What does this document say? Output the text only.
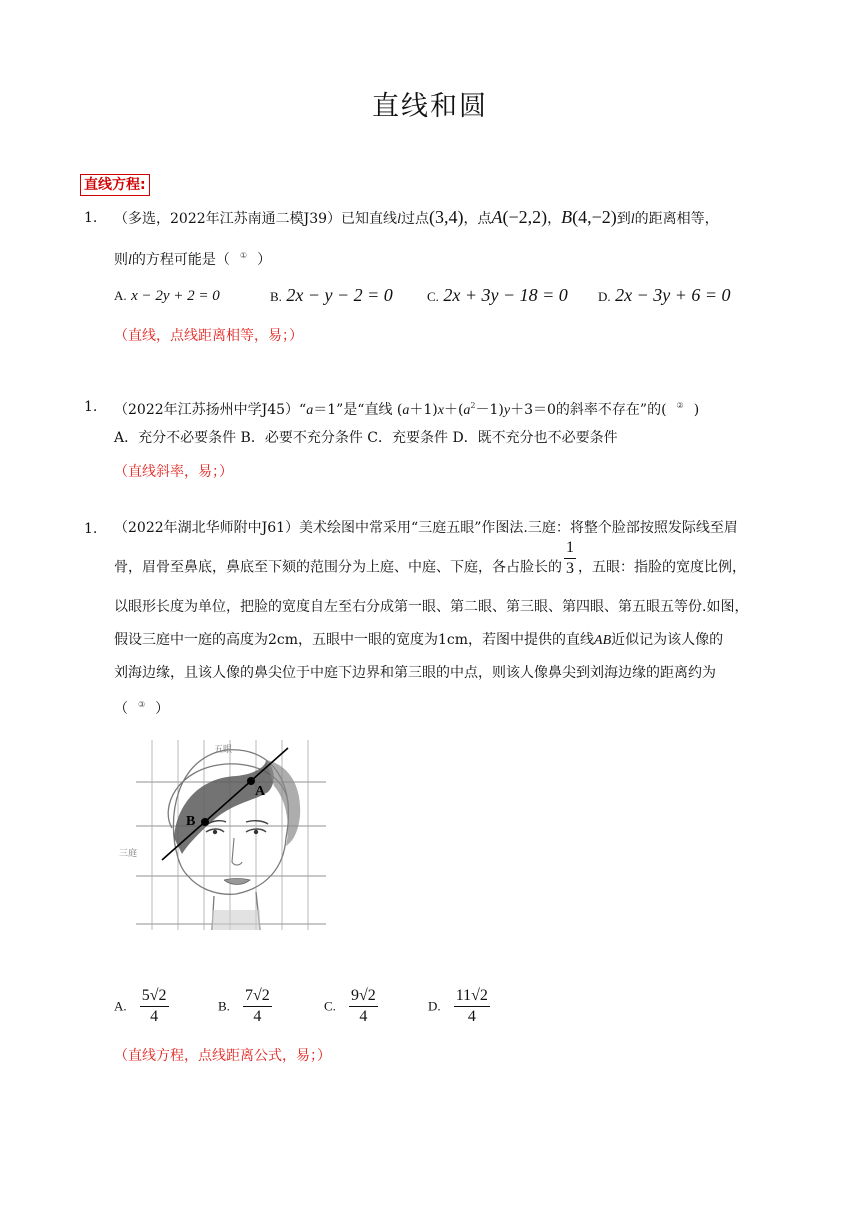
直线和圆
直线方程:
1. （多选，2022年江苏南通二模J39）已知直线l过点(3,4)，点A(−2,2)，B(4,−2)到l的距离相等，
则l的方程可能是（ ① ）
A. x − 2y + 2 = 0	B. 2x − y − 2 = 0	C. 2x + 3y − 18 = 0 D. 2x − 3y + 6 = 0
（直线，点线距离相等，易；）
1. （2022年江苏扬州中学J45）“a＝1”是“直线 $(a+1)x+(a^2-1)y+3=0$的斜率不存在”的( ② )
A．充分不必要条件 B．必要不充分条件 C．充要条件 D．既不充分也不必要条件
（直线斜率，易；）
1. （2022年湖北华师附中J61）美术绘图中常采用“三庭五眼”作图法.三庭：将整个脸部按照发际线至眉
骨，眉骨至鼻底，鼻底至下颏的范围分为上庭、中庭、下庭，各占脸长的 $\frac{1}{3}$ ，五眼：指脸的宽度比例，
以眼形长度为单位，把脸的宽度自左至右分成第一眼、第二眼、第三眼、第四眼、第五眼五等份.如图，
假设三庭中一庭的高度为2cm，五眼中一眼的宽度为1cm，若图中提供的直线AB近似记为该人像的
刘海边缘，且该人像的鼻尖位于中庭下边界和第三眼的中点，则该人像鼻尖到刘海边缘的距离约为
（ ③ ）
A
B
五眼
三庭
A. $\frac{5√2}{4}$	B. $\frac{7√2}{4}$	C. $\frac{9√2}{4}$	D. $\frac{11√2}{4}$
（直线方程，点线距离公式，易；）
